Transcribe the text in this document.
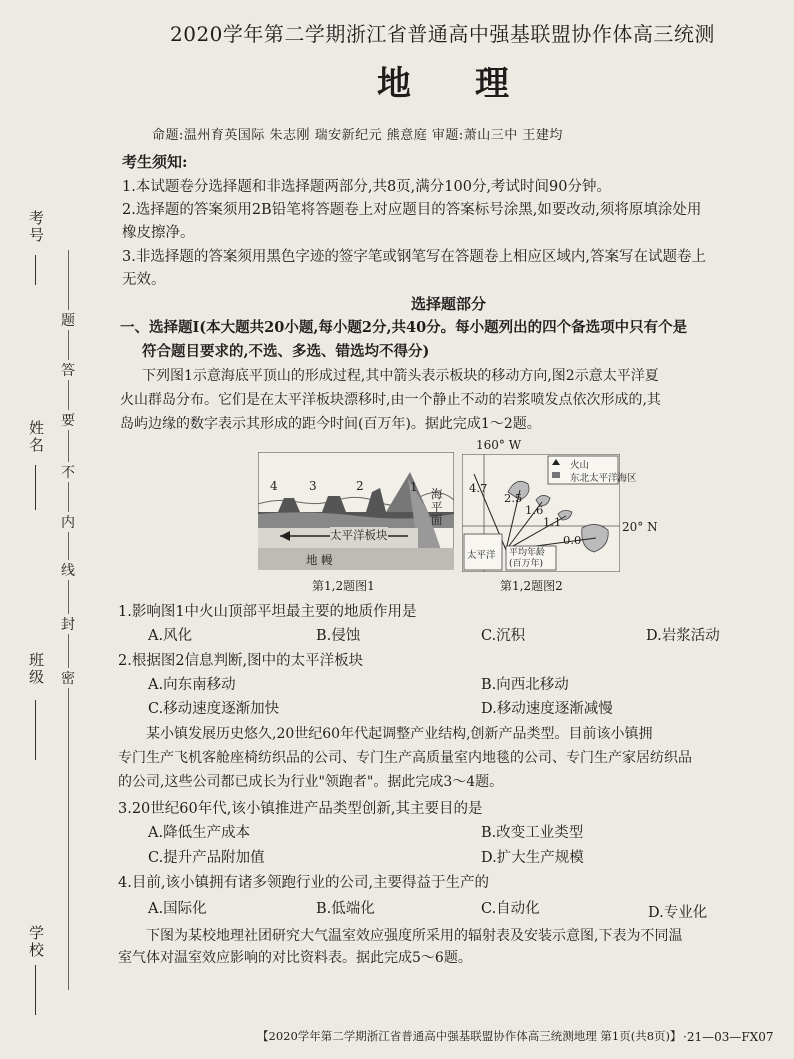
2020学年第二学期浙江省普通高中强基联盟协作体高三统测
地理
命题:温州育英国际 朱志刚 瑞安新纪元 熊意庭 审题:萧山三中 王建均
考生须知:
1.本试题卷分选择题和非选择题两部分,共8页,满分100分,考试时间90分钟。
2.选择题的答案须用2B铅笔将答题卷上对应题目的答案标号涂黑,如要改动,须将原填涂处用
橡皮擦净。
3.非选择题的答案须用黑色字迹的签字笔或钢笔写在答题卷上相应区域内,答案写在试题卷上
无效。
考号
姓名
班级
学校
密
封
线
内
不
要
答
题
选择题部分
一、选择题Ⅰ(本大题共20小题,每小题2分,共40分。每小题列出的四个备选项中只有个是
符合题目要求的,不选、多选、错选均不得分)
下列图1示意海底平顶山的形成过程,其中箭头表示板块的移动方向,图2示意太平洋夏
火山群岛分布。它们是在太平洋板块漂移时,由一个静止不动的岩浆喷发点依次形成的,其
岛屿边缘的数字表示其形成的距今时间(百万年)。据此完成1～2题。
4	3	2	1 海平面
太平洋板块
地 幔
第1,2题图1
160° W
4.7
2.5
1.6
1.1
0.0
火山
东北太平洋海区
太平洋 平均年龄(百万年)
20° N
第1,2题图2
1.影响图1中火山顶部平坦最主要的地质作用是
A.风化	B.侵蚀	C.沉积	D.岩浆活动
2.根据图2信息判断,图中的太平洋板块
A.向东南移动	B.向西北移动
C.移动速度逐渐加快	D.移动速度逐渐减慢
某小镇发展历史悠久,20世纪60年代起调整产业结构,创新产品类型。目前该小镇拥
专门生产飞机客舱座椅纺织品的公司、专门生产高质量室内地毯的公司、专门生产家居纺织品
的公司,这些公司都已成长为行业"领跑者"。据此完成3～4题。
3.20世纪60年代,该小镇推进产品类型创新,其主要目的是
A.降低生产成本	B.改变工业类型
C.提升产品附加值	D.扩大生产规模
4.目前,该小镇拥有诸多领跑行业的公司,主要得益于生产的
A.国际化	B.低端化	C.自动化	D.专业化
下图为某校地理社团研究大气温室效应强度所采用的辐射表及安装示意图,下表为不同温
室气体对温室效应影响的对比资料表。据此完成5～6题。
【2020学年第二学期浙江省普通高中强基联盟协作体高三统测地理 第1页(共8页)】 ·21—03—FX07
